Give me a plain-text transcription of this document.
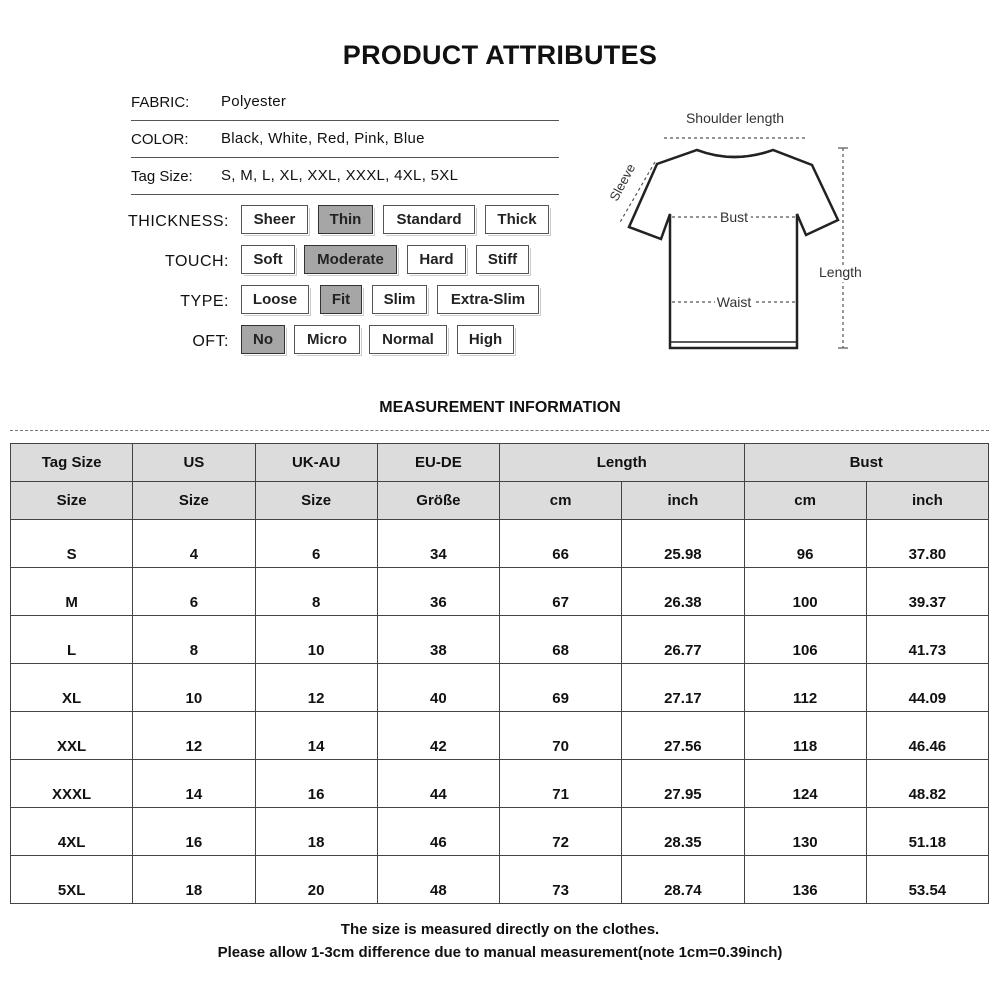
PRODUCT ATTRIBUTES
FABRIC: Polyester
COLOR: Black, White, Red, Pink, Blue
Tag Size: S, M, L, XL, XXL, XXXL, 4XL, 5XL
THICKNESS:	Sheer	Thin	Standard	Thick
TOUCH:	Soft	Moderate	Hard	Stiff
TYPE:	Loose	Fit	Slim	Extra-Slim
OFT:	No	Micro	Normal	High
Shoulder length
Bust
Waist
Length
Sleeve
MEASUREMENT INFORMATION
Tag Size	US	UK-AU	EU-DE	Length		Bust	
Size	Size	Size	Größe	cm	inch	cm	inch
S	4	6	34	66	25.98	96	37.80
M	6	8	36	67	26.38	100	39.37
L	8	10	38	68	26.77	106	41.73
XL	10	12	40	69	27.17	112	44.09
XXL	12	14	42	70	27.56	118	46.46
XXXL	14	16	44	71	27.95	124	48.82
4XL	16	18	46	72	28.35	130	51.18
5XL	18	20	48	73	28.74	136	53.54
The size is measured directly on the clothes.
Please allow 1-3cm difference due to manual measurement(note 1cm=0.39inch)
